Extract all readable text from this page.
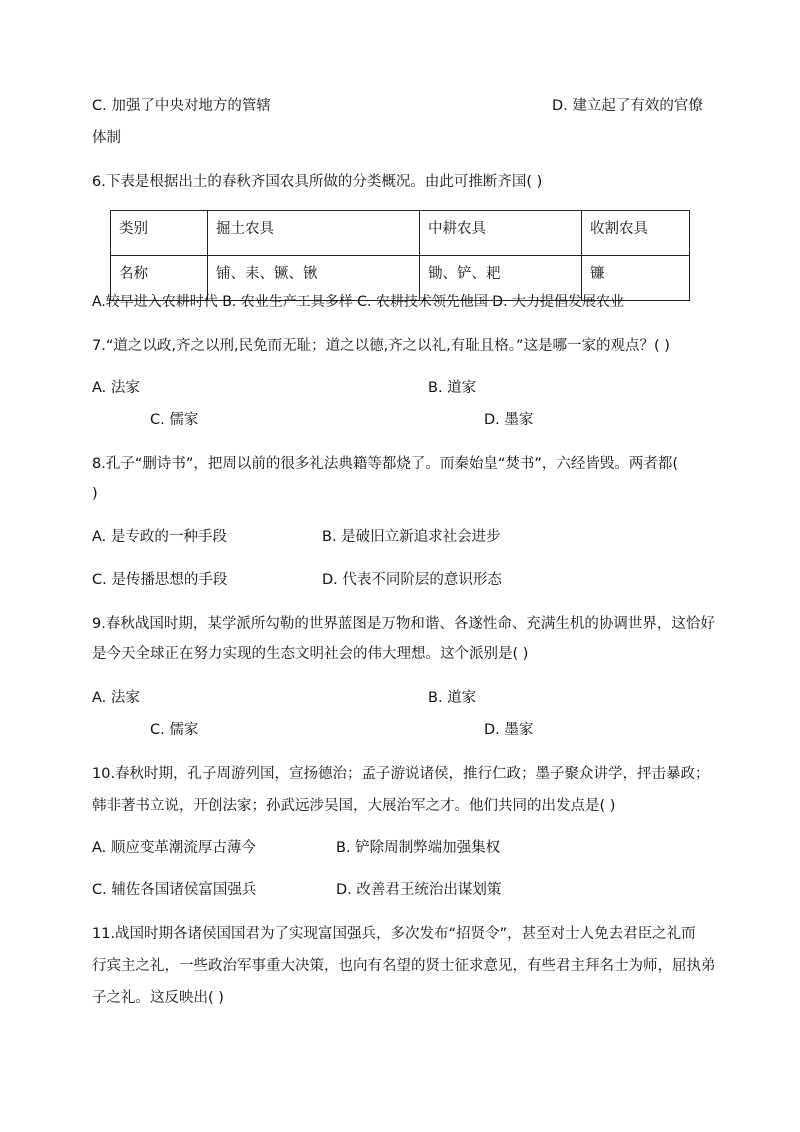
C. 加强了中央对地方的管辖	D. 建立起了有效的官僚
体制
6.下表是根据出土的春秋齐国农具所做的分类概况。由此可推断齐国( )
类别	掘土农具	中耕农具	收割农具
名称	铺、耒、镢、锹	锄、铲、耙	镰
A.较早进入农耕时代 B. 农业生产工具多样 C. 农耕技术领先他国 D. 大力提倡发展农业
7.“道之以政,齐之以刑,民免而无耻；道之以德,齐之以礼,有耻且格。”这是哪一家的观点？( )
A. 法家	B. 道家
C. 儒家	D. 墨家
8.孔子“删诗书”，把周以前的很多礼法典籍等都烧了。而秦始皇“焚书”，六经皆毁。两者都(
)
A. 是专政的一种手段	B. 是破旧立新追求社会进步
C. 是传播思想的手段	D. 代表不同阶层的意识形态
9.春秋战国时期，某学派所勾勒的世界蓝图是万物和谐、各遂性命、充满生机的协调世界，这恰好
是今天全球正在努力实现的生态文明社会的伟大理想。这个派别是( )
A. 法家	B. 道家
C. 儒家	D. 墨家
10.春秋时期，孔子周游列国，宣扬德治；孟子游说诸侯，推行仁政；墨子聚众讲学，抨击暴政；
韩非著书立说，开创法家；孙武远涉吴国，大展治军之才。他们共同的出发点是( )
A. 顺应变革潮流厚古薄今	B. 铲除周制弊端加强集权
C. 辅佐各国诸侯富国强兵	D. 改善君王统治出谋划策
11.战国时期各诸侯国国君为了实现富国强兵，多次发布“招贤令”，甚至对士人免去君臣之礼而
行宾主之礼，一些政治军事重大决策，也向有名望的贤士征求意见，有些君主拜名士为师，屈执弟
子之礼。这反映出( )
